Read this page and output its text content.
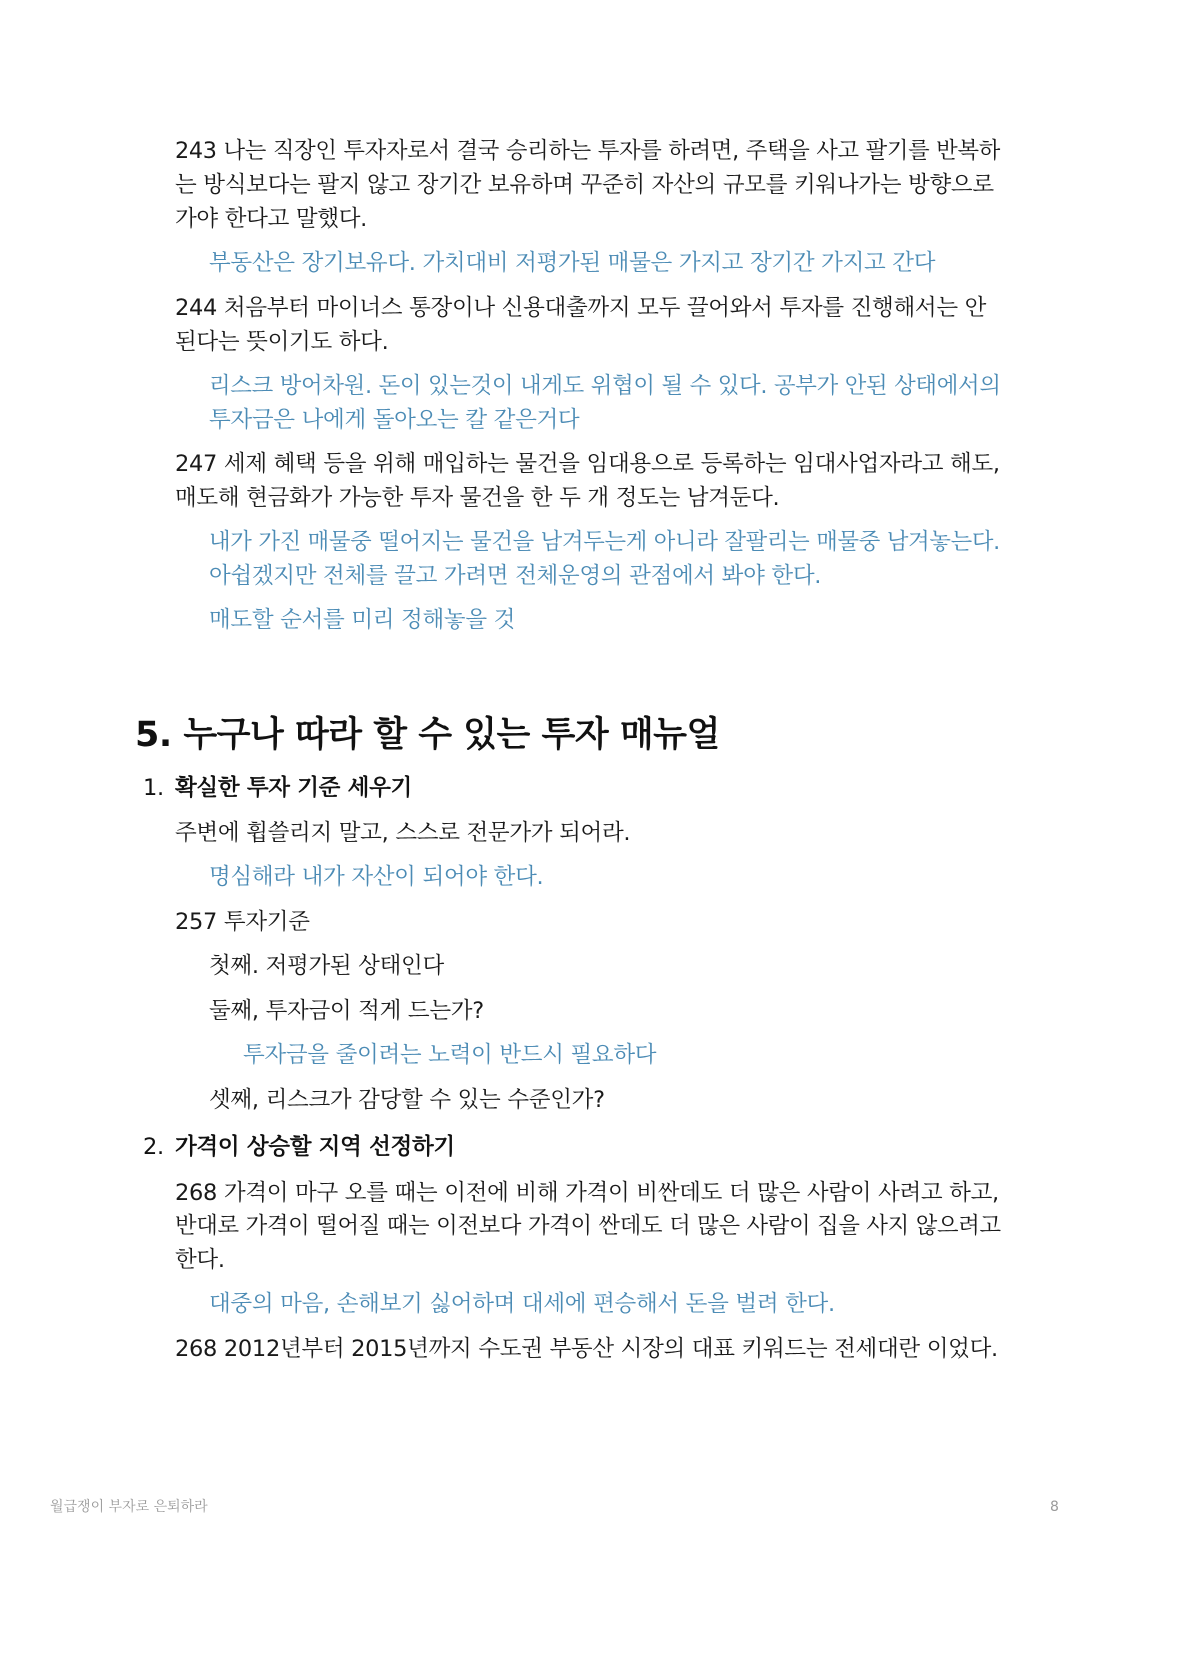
243 나는 직장인 투자자로서 결국 승리하는 투자를 하려면, 주택을 사고 팔기를 반복하
는 방식보다는 팔지 않고 장기간 보유하며 꾸준히 자산의 규모를 키워나가는 방향으로
가야 한다고 말했다.
부동산은 장기보유다. 가치대비 저평가된 매물은 가지고 장기간 가지고 간다
244 처음부터 마이너스 통장이나 신용대출까지 모두 끌어와서 투자를 진행해서는 안
된다는 뜻이기도 하다.
리스크 방어차원. 돈이 있는것이 내게도 위협이 될 수 있다. 공부가 안된 상태에서의
투자금은 나에게 돌아오는 칼 같은거다
247 세제 혜택 등을 위해 매입하는 물건을 임대용으로 등록하는 임대사업자라고 해도,
매도해 현금화가 가능한 투자 물건을 한 두 개 정도는 남겨둔다.
내가 가진 매물중 떨어지는 물건을 남겨두는게 아니라 잘팔리는 매물중 남겨놓는다.
아쉽겠지만 전체를 끌고 가려면 전체운영의 관점에서 봐야 한다.
매도할 순서를 미리 정해놓을 것
5. 누구나 따라 할 수 있는 투자 매뉴얼
1. 확실한 투자 기준 세우기
주변에 휩쓸리지 말고, 스스로 전문가가 되어라.
명심해라 내가 자산이 되어야 한다.
257 투자기준
첫째. 저평가된 상태인다
둘째, 투자금이 적게 드는가?
투자금을 줄이려는 노력이 반드시 필요하다
셋째, 리스크가 감당할 수 있는 수준인가?
2. 가격이 상승할 지역 선정하기
268 가격이 마구 오를 때는 이전에 비해 가격이 비싼데도 더 많은 사람이 사려고 하고,
반대로 가격이 떨어질 때는 이전보다 가격이 싼데도 더 많은 사람이 집을 사지 않으려고
한다.
대중의 마음, 손해보기 싫어하며 대세에 편승해서 돈을 벌려 한다.
268 2012년부터 2015년까지 수도권 부동산 시장의 대표 키워드는 전세대란 이었다.
월급쟁이 부자로 은퇴하라	8
